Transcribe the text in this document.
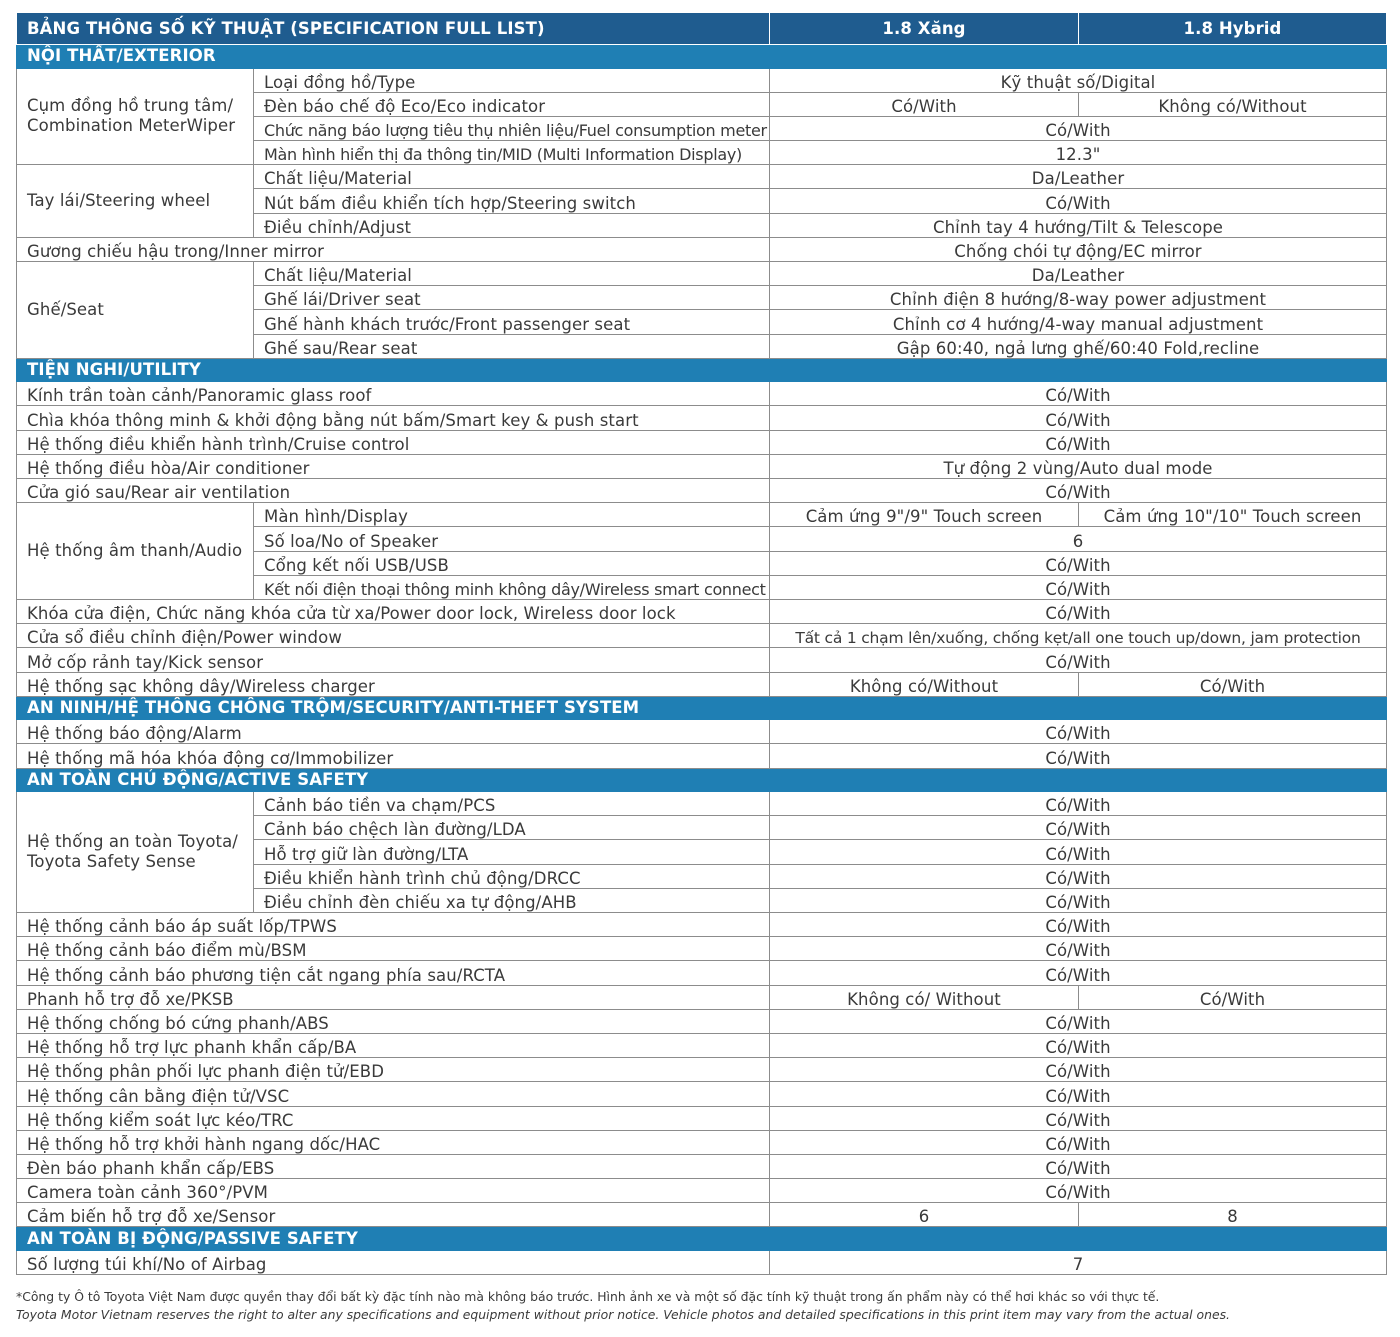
BẢNG THÔNG SỐ KỸ THUẬT (SPECIFICATION FULL LIST)		1.8 Xăng	1.8 Hybrid
NỘI THẤT/EXTERIOR			
Cụm đồng hồ trung tâm/ Combination MeterWiper	Loại đồng hồ/Type	Kỹ thuật số/Digital	
	Đèn báo chế độ Eco/Eco indicator	Có/With	Không có/Without
	Chức năng báo lượng tiêu thụ nhiên liệu/Fuel consumption meter	Có/With	
	Màn hình hiển thị đa thông tin/MID (Multi Information Display)	12.3"	
Tay lái/Steering wheel	Chất liệu/Material	Da/Leather	
	Nút bấm điều khiển tích hợp/Steering switch	Có/With	
	Điều chỉnh/Adjust	Chỉnh tay 4 hướng/Tilt & Telescope	
Gương chiếu hậu trong/Inner mirror		Chống chói tự động/EC mirror	
Ghế/Seat	Chất liệu/Material	Da/Leather	
	Ghế lái/Driver seat	Chỉnh điện 8 hướng/8-way power adjustment	
	Ghế hành khách trước/Front passenger seat	Chỉnh cơ 4 hướng/4-way manual adjustment	
	Ghế sau/Rear seat	Gập 60:40, ngả lưng ghế/60:40 Fold,recline	
TIỆN NGHI/UTILITY			
Kính trần toàn cảnh/Panoramic glass roof		Có/With	
Chìa khóa thông minh & khởi động bằng nút bấm/Smart key & push start		Có/With	
Hệ thống điều khiển hành trình/Cruise control		Có/With	
Hệ thống điều hòa/Air conditioner		Tự động 2 vùng/Auto dual mode	
Cửa gió sau/Rear air ventilation		Có/With	
Hệ thống âm thanh/Audio	Màn hình/Display	Cảm ứng 9"/9" Touch screen	Cảm ứng 10"/10" Touch screen
	Số loa/No of Speaker	6	
	Cổng kết nối USB/USB	Có/With	
	Kết nối điện thoại thông minh không dây/Wireless smart connect	Có/With	
Khóa cửa điện, Chức năng khóa cửa từ xa/Power door lock, Wireless door lock		Có/With	
Cửa sổ điều chỉnh điện/Power window		Tất cả 1 chạm lên/xuống, chống kẹt/all one touch up/down, jam protection	
Mở cốp rảnh tay/Kick sensor		Có/With	
Hệ thống sạc không dây/Wireless charger		Không có/Without	Có/With
AN NINH/HỆ THỐNG CHỐNG TRỘM/SECURITY/ANTI-THEFT SYSTEM			
Hệ thống báo động/Alarm		Có/With	
Hệ thống mã hóa khóa động cơ/Immobilizer		Có/With	
AN TOÀN CHỦ ĐỘNG/ACTIVE SAFETY			
Hệ thống an toàn Toyota/ Toyota Safety Sense	Cảnh báo tiền va chạm/PCS	Có/With	
	Cảnh báo chệch làn đường/LDA	Có/With	
	Hỗ trợ giữ làn đường/LTA	Có/With	
	Điều khiển hành trình chủ động/DRCC	Có/With	
	Điều chỉnh đèn chiếu xa tự động/AHB	Có/With	
Hệ thống cảnh báo áp suất lốp/TPWS		Có/With	
Hệ thống cảnh báo điểm mù/BSM		Có/With	
Hệ thống cảnh báo phương tiện cắt ngang phía sau/RCTA		Có/With	
Phanh hỗ trợ đỗ xe/PKSB		Không có/ Without	Có/With
Hệ thống chống bó cứng phanh/ABS		Có/With	
Hệ thống hỗ trợ lực phanh khẩn cấp/BA		Có/With	
Hệ thống phân phối lực phanh điện tử/EBD		Có/With	
Hệ thống cân bằng điện tử/VSC		Có/With	
Hệ thống kiểm soát lực kéo/TRC		Có/With	
Hệ thống hỗ trợ khởi hành ngang dốc/HAC		Có/With	
Đèn báo phanh khẩn cấp/EBS		Có/With	
Camera toàn cảnh 360°/PVM		Có/With	
Cảm biến hỗ trợ đỗ xe/Sensor		6	8
AN TOÀN BỊ ĐỘNG/PASSIVE SAFETY			
Số lượng túi khí/No of Airbag		7	
*Công ty Ô tô Toyota Việt Nam được quyền thay đổi bất kỳ đặc tính nào mà không báo trước. Hình ảnh xe và một số đặc tính kỹ thuật trong ấn phẩm này có thể hơi khác so với thực tế.
Toyota Motor Vietnam reserves the right to alter any specifications and equipment without prior notice. Vehicle photos and detailed specifications in this print item may vary from the actual ones.
